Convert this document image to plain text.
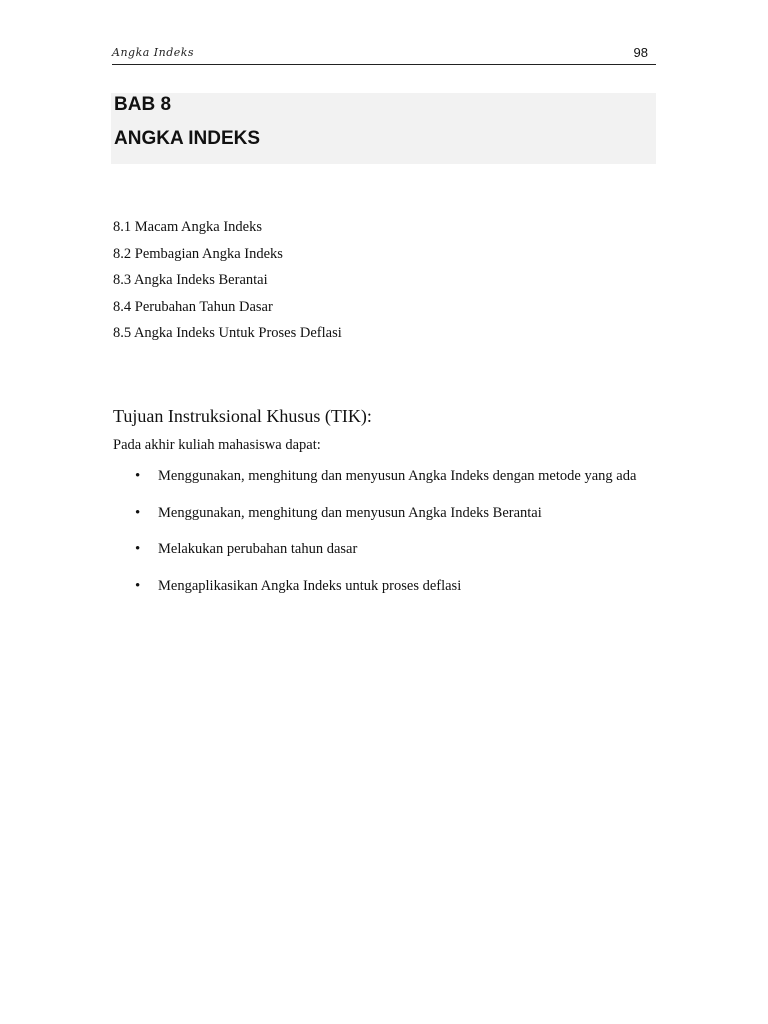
Angka Indeks	98
BAB 8
ANGKA INDEKS
8.1 Macam Angka Indeks
8.2 Pembagian Angka Indeks
8.3 Angka Indeks Berantai
8.4 Perubahan Tahun Dasar
8.5 Angka Indeks Untuk Proses Deflasi
Tujuan Instruksional Khusus (TIK):
Pada akhir kuliah mahasiswa dapat:
• Menggunakan, menghitung dan menyusun Angka Indeks dengan metode yang ada
• Menggunakan, menghitung dan menyusun Angka Indeks Berantai
• Melakukan perubahan tahun dasar
• Mengaplikasikan Angka Indeks untuk proses deflasi
